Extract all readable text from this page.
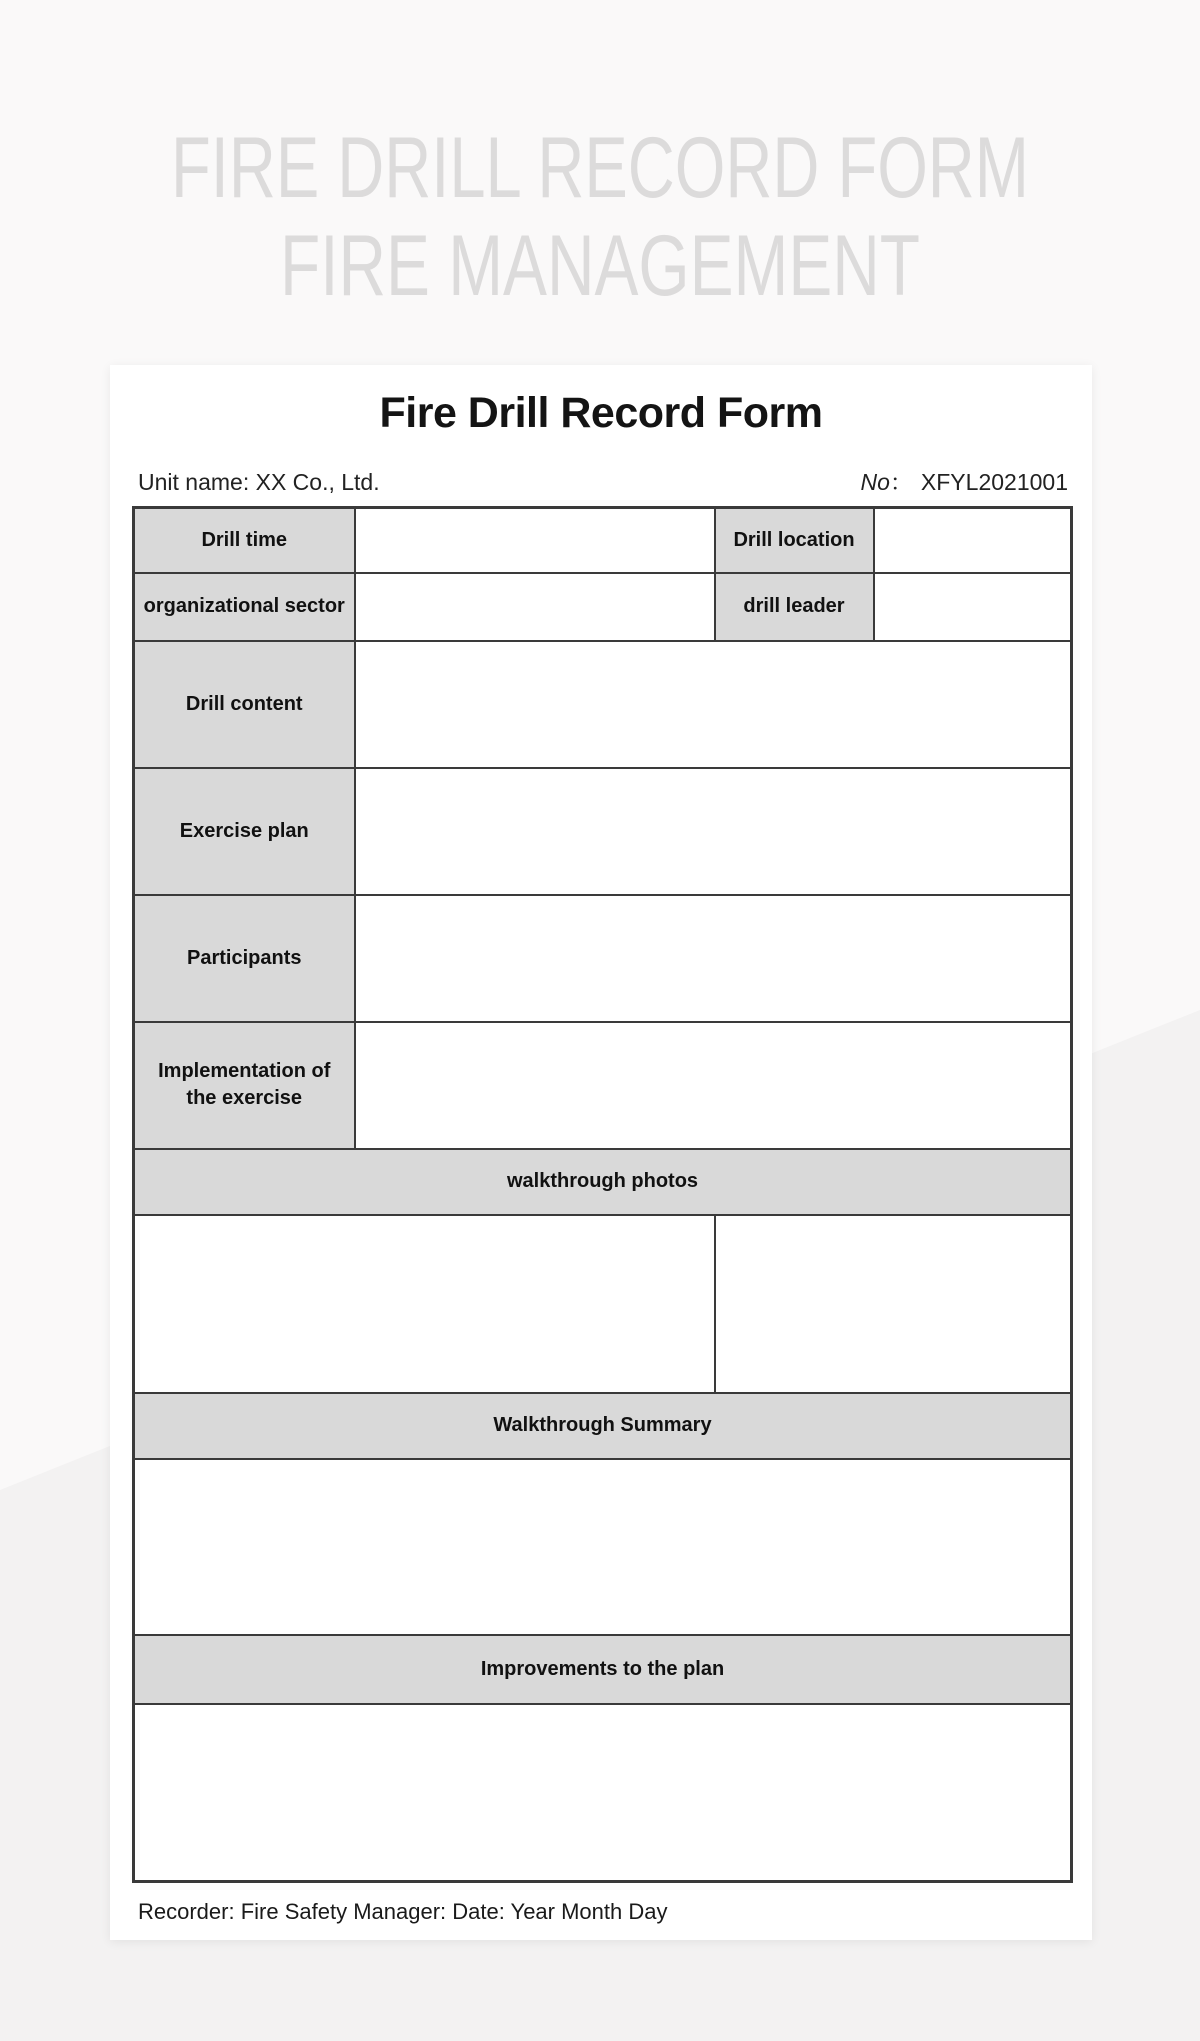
FIRE DRILL RECORD FORM
FIRE MANAGEMENT
Fire Drill Record Form
Unit name: XX Co., Ltd.	No： XFYL2021001
Drill time		Drill location	
organizational sector		drill leader	
Drill content			
Exercise plan			
Participants			
Implementation of the exercise			
walkthrough photos			

Walkthrough Summary			

Improvements to the plan			

Recorder: Fire Safety Manager: Date: Year Month Day
